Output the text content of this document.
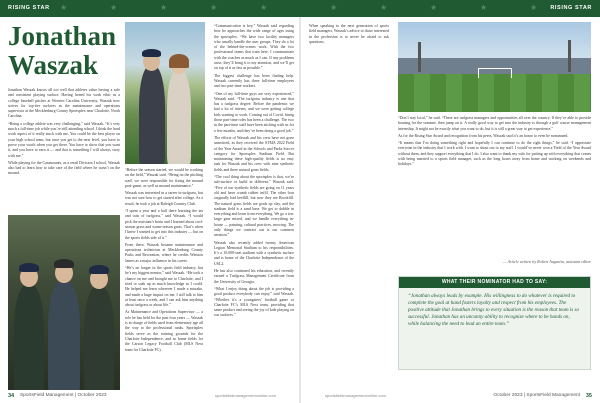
★	★	★	★	★	★	★	★	★	★
RISING STAR	RISING STAR
Jonathan Waszak

Jonathan Waszak knows all too well that athletes value having a safe and consistent playing surface. Having honed his work ethic as a college baseball pitcher at Western Carolina University, Waszak now strives for top-tier surfaces as the maintenance and operations supervisor at the Mecklenburg County Sportsplex near Charlotte, North Carolina.

“Being a college athlete was very challenging,” said Waszak. “It’s very much a full-time job while you’re still attending school. I think the hard work aspect of it really stuck with me. You could be the best player on your high school team, but once you get to the next level, you have to prove your worth when you get there. You have to show that you want it, and you have to earn it — and that is something I will always carry with me.”

While playing for the Catamounts, as a retail Division I school, Waszak also had to learn how to take care of the field where he wasn’t on the mound.

“Before the season started, we would be working on the field,” Waszak said. “Being on the pitching staff, we were responsible for fixing the mound post-game, as well as mound maintenance.”

Waszak was interested in a career in turfgrass, but was not sure how to get started after college. As a result, he took a job at Raleigh Country Club.

“I spent a year and a half there learning the ins and outs of turfgrass,” said Waszak. “I would pick the assistant’s brain and I learned about cool-season grass and warm-season grass. That’s when I knew I wanted to get into this industry — but on the sports fields side of it.”

From there, Waszak became maintenance and operations technician at Mecklenburg County Parks and Recreation, where he credits Winston James as a major influence in his career.

“He’s no longer in the sports field industry, but he’s my biggest mentor,” said Waszak. “He took a chance on me and brought me to Charlotte, and I tried to soak up as much knowledge as I could. He helped me learn wherever I made a mistake, and made a huge impact on me. I still talk to him at least once a week, and I can ask him anything about turfgrass or about life.”

As Maintenance and Operations Supervisor — a role he has held for the past four years — Waszak is in charge of fields used from elementary age all the way to the professional ranks. Sportsplex fields serve as the training grounds for the Charlotte Independence, and as home fields for the Carson Legacy Football Club (MLS Next team for Charlotte FC).

“Communication is key,” Waszak said regarding how he approaches the wide range of ages using the sportsplex. “We have two facility managers who usually handle the user groups. They do a lot of the behind-the-scenes work. With the two professional teams that train here, I communicate with the coaches as much as I can. If any problems arise, they’ll bring it to my attention, and we’ll get on top of it as fast as possible.”

The biggest challenge has been finding help. Waszak currently has three full-time employees and two part-time workers.

“One of my full-time guys are very experienced,” Waszak said. “The turfgrass industry is one that has a turfgrass degree. Before the pandemic we had a lot of interns, and we were getting college kids wanting to work. Coming out of Covid, hiring those part-time roles has been a challenge. The two in the part-time staff have been sticking with us for a few months, and they’ve been doing a good job.”

The efforts of Waszak and his crew have not gone unnoticed, as they received the STMA 2022 Field of the Year Award in the Schools and Parks Soccer category for Sportsplex Stadium Field. But maintaining these high-quality fields is no easy task for Waszak and his crew with nine synthetic fields and three natural grass fields.

“The cool thing about the sportsplex is that, we’re sub-surface or build in different,” Waszak said. “Five of our synthetic fields are going on 11 years old and have crumb rubber infill. The other four originally had beeflill, but now they are Brockfill. The natural grass fields are goals up clay, and the stadium field is a sand base. We get to dabble in everything and learn from everything. We go a ton: large gear mixed, and we handle everything in-house — painting, cultural practices, mowing. The only things we contract out is our common aeration.”

Waszak also recently added twenty American Legion Memorial Stadium to his responsibilities. It’s a 10,000-seat stadium with a synthetic surface and is home of the Charlotte Independence of the USL2.

He has also continued his education, and recently earned a Turfgrass Management Certificate from the University of Georgia.

“What I enjoy doing about the job is providing a good product everybody can enjoy,” said Waszak. “Whether it’s a youngsters’ football game or Charlotte FC’s MLS Next team, providing that same product and seeing the joy of kids playing on our surfaces.”

When speaking to the next generation of sports field managers, Waszak’s advice to those interested in the profession is to never be afraid to ask questions.

“Don’t stay local,” he said. “There are turfgrass managers and opportunities all over the country. If they’re able to provide housing for the summer, then jump on it. A really good way to get into the industry is through a golf course management internship. It might not be exactly what you want to do, but it is still a great way to get experience.”

As for the Rising Star Award and recognition from his peers, Waszak said it’s an honor to even be nominated.

“It means that I’m doing something right and hopefully I can continue to do the right things,” he said. “I appreciate everyone in the industry that I work with. I want to shout out to my staff. I would’ve never won a Field of the Year Award without them, and they support everything that I do. I also want to thank my wife for putting up with everything that comes with being married to a sports field manager, such as the long hours away from home and working on weekends and holidays.”

— Article written by Robert Augustin, assistant editor
WHAT THEIR NOMINATOR HAD TO SAY:
“Jonathan always leads by example. His willingness to do whatever is required to complete the goal at hand fosters loyalty and respect from his employees. The positive attitude that Jonathan brings to every situation is the reason that team is so successful. Jonathan has an uncanny ability to recognize where to be hands on, while balancing the need to lead an entire team.”
34 SportsField Management | October 2023	sportsfieldmanagementonline.com	sportsfieldmanagementonline.com	October 2023 | SportsField Management 35
